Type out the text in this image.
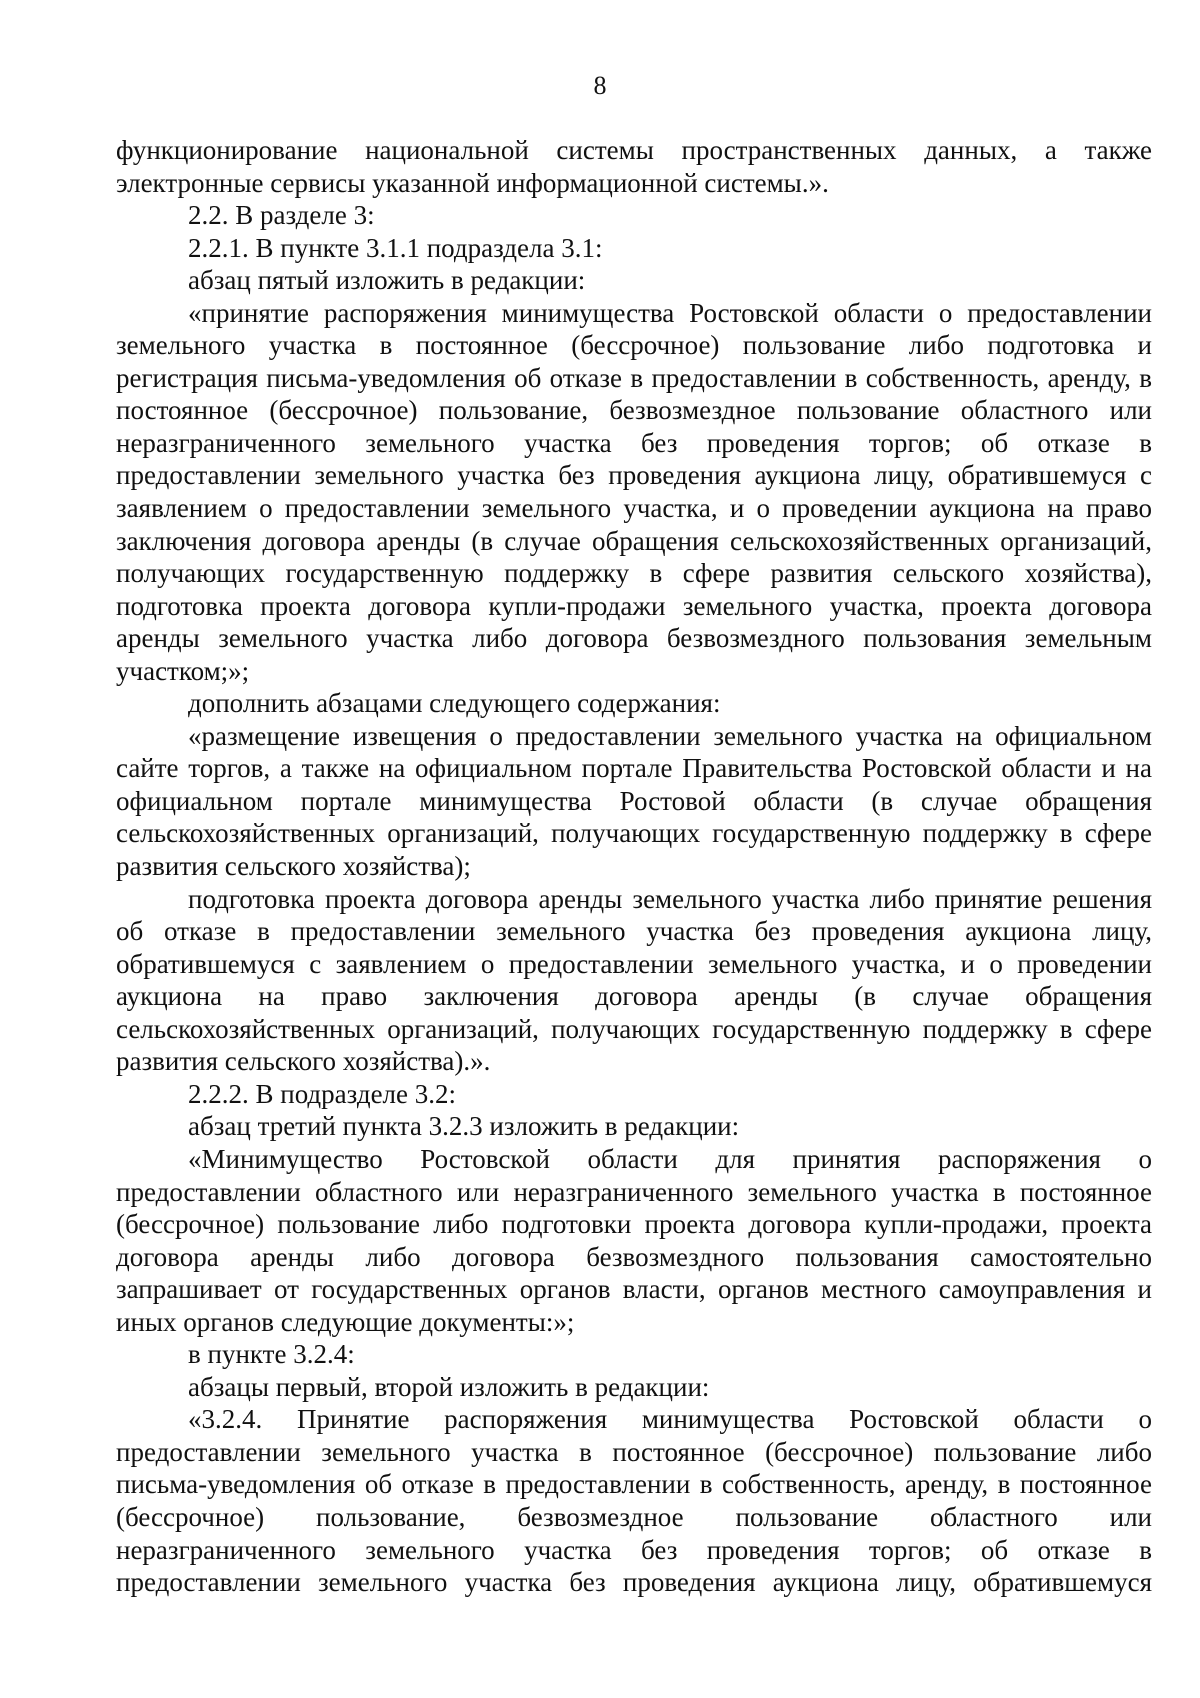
8

функционирование национальной системы пространственных данных, а также электронные сервисы указанной информационной системы.».

2.2. В разделе 3:

2.2.1. В пункте 3.1.1 подраздела 3.1:

абзац пятый изложить в редакции:

«принятие распоряжения минимущества Ростовской области о предоставлении земельного участка в постоянное (бессрочное) пользование либо подготовка и регистрация письма-уведомления об отказе в предоставлении в собственность, аренду, в постоянное (бессрочное) пользование, безвозмездное пользование областного или неразграниченного земельного участка без проведения торгов; об отказе в предоставлении земельного участка без проведения аукциона лицу, обратившемуся с заявлением о предоставлении земельного участка, и о проведении аукциона на право заключения договора аренды (в случае обращения сельскохозяйственных организаций, получающих государственную поддержку в сфере развития сельского хозяйства), подготовка проекта договора купли-продажи земельного участка, проекта договора аренды земельного участка либо договора безвозмездного пользования земельным участком;»;

дополнить абзацами следующего содержания:

«размещение извещения о предоставлении земельного участка на официальном сайте торгов, а также на официальном портале Правительства Ростовской области и на официальном портале минимущества Ростовой области (в случае обращения сельскохозяйственных организаций, получающих государственную поддержку в сфере развития сельского хозяйства);

подготовка проекта договора аренды земельного участка либо принятие решения об отказе в предоставлении земельного участка без проведения аукциона лицу, обратившемуся с заявлением о предоставлении земельного участка, и о проведении аукциона на право заключения договора аренды (в случае обращения сельскохозяйственных организаций, получающих государственную поддержку в сфере развития сельского хозяйства).».

2.2.2. В подразделе 3.2:

абзац третий пункта 3.2.3 изложить в редакции:

«Минимущество Ростовской области для принятия распоряжения о предоставлении областного или неразграниченного земельного участка в постоянное (бессрочное) пользование либо подготовки проекта договора купли-продажи, проекта договора аренды либо договора безвозмездного пользования самостоятельно запрашивает от государственных органов власти, органов местного самоуправления и иных органов следующие документы:»;

в пункте 3.2.4:

абзацы первый, второй изложить в редакции:

«3.2.4. Принятие распоряжения минимущества Ростовской области о предоставлении земельного участка в постоянное (бессрочное) пользование либо письма-уведомления об отказе в предоставлении в собственность, аренду, в постоянное (бессрочное) пользование, безвозмездное пользование областного или неразграниченного земельного участка без проведения торгов; об отказе в предоставлении земельного участка без проведения аукциона лицу, обратившемуся
